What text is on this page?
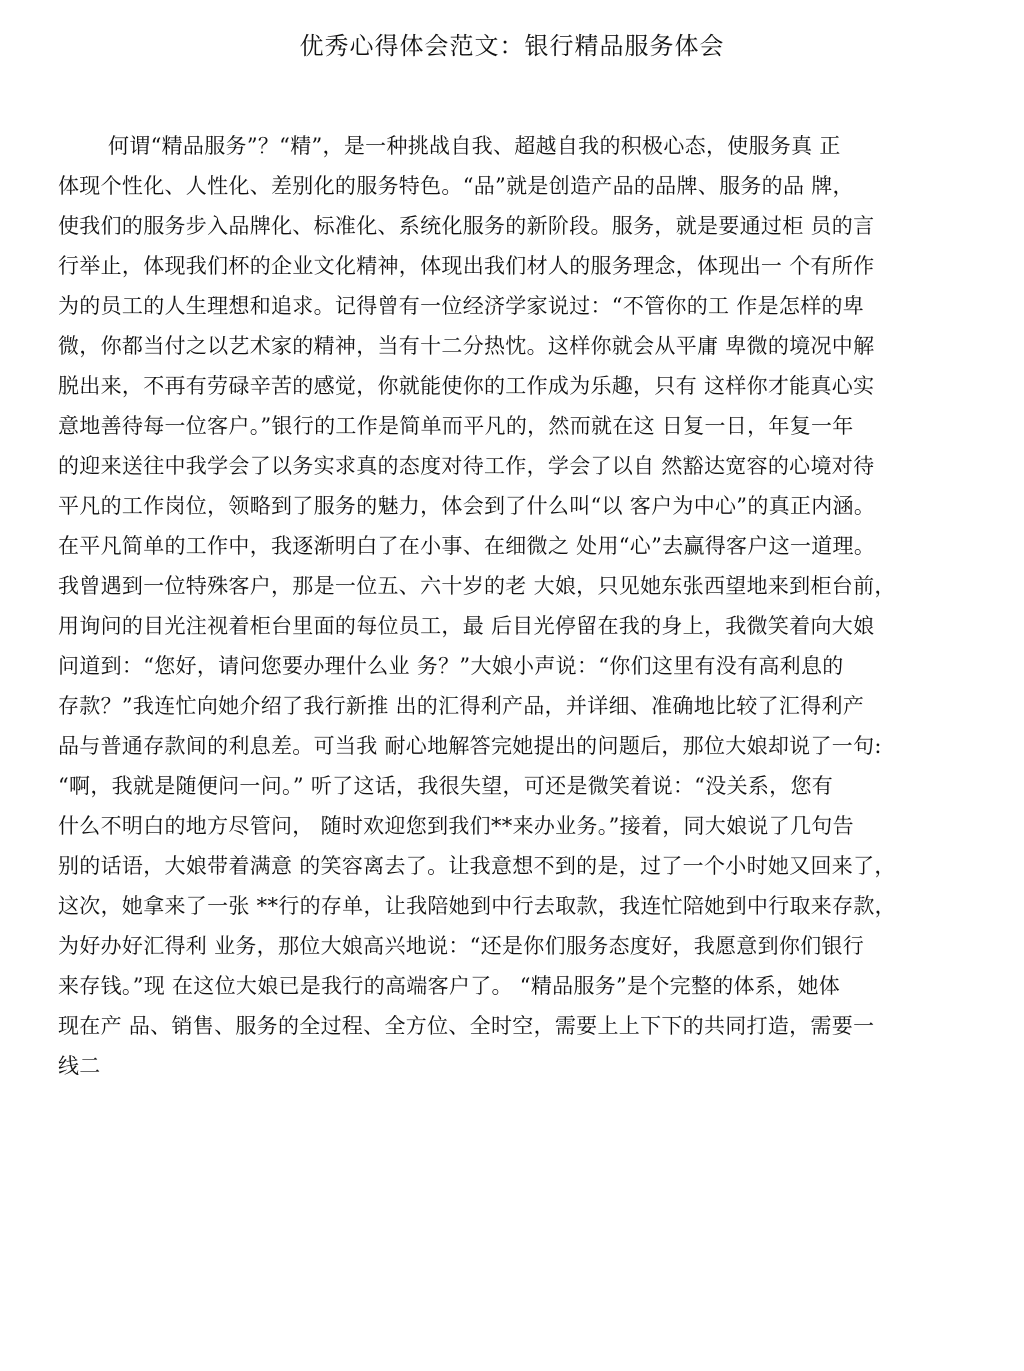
优秀心得体会范文：银行精品服务体会
何谓“精品服务”？“精”，是一种挑战自我、超越自我的积极心态，使服务真 正
体现个性化、人性化、差别化的服务特色。“品”就是创造产品的品牌、服务的品 牌，
使我们的服务步入品牌化、标准化、系统化服务的新阶段。服务，就是要通过柜 员的言
行举止，体现我们杯的企业文化精神，体现出我们材人的服务理念，体现出一 个有所作
为的员工的人生理想和追求。记得曾有一位经济学家说过：“不管你的工 作是怎样的卑
微，你都当付之以艺术家的精神，当有十二分热忱。这样你就会从平庸 卑微的境况中解
脱出来，不再有劳碌辛苦的感觉，你就能使你的工作成为乐趣，只有 这样你才能真心实
意地善待每一位客户。”银行的工作是简单而平凡的，然而就在这 日复一日，年复一年
的迎来送往中我学会了以务实求真的态度对待工作，学会了以自 然豁达宽容的心境对待
平凡的工作岗位，领略到了服务的魅力，体会到了什么叫“以 客户为中心”的真正内涵。
在平凡简单的工作中，我逐渐明白了在小事、在细微之 处用“心”去赢得客户这一道理。
我曾遇到一位特殊客户，那是一位五、六十岁的老 大娘，只见她东张西望地来到柜台前，
用询问的目光注视着柜台里面的每位员工，最 后目光停留在我的身上，我微笑着向大娘
问道到：“您好，请问您要办理什么业 务？”大娘小声说：“你们这里有没有高利息的
存款？”我连忙向她介绍了我行新推 出的汇得利产品，并详细、准确地比较了汇得利产
品与普通存款间的利息差。可当我 耐心地解答完她提出的问题后，那位大娘却说了一句:
“啊，我就是随便问一问。” 听了这话，我很失望，可还是微笑着说：“没关系，您有
什么不明白的地方尽管问， 随时欢迎您到我们**来办业务。”接着，同大娘说了几句告
别的话语，大娘带着满意 的笑容离去了。让我意想不到的是，过了一个小时她又回来了，
这次，她拿来了一张 **行的存单，让我陪她到中行去取款，我连忙陪她到中行取来存款，
为好办好汇得利 业务，那位大娘高兴地说：“还是你们服务态度好，我愿意到你们银行
来存钱。”现 在这位大娘已是我行的高端客户了。 “精品服务”是个完整的体系，她体
现在产 品、销售、服务的全过程、全方位、全时空，需要上上下下的共同打造，需要一
线二
